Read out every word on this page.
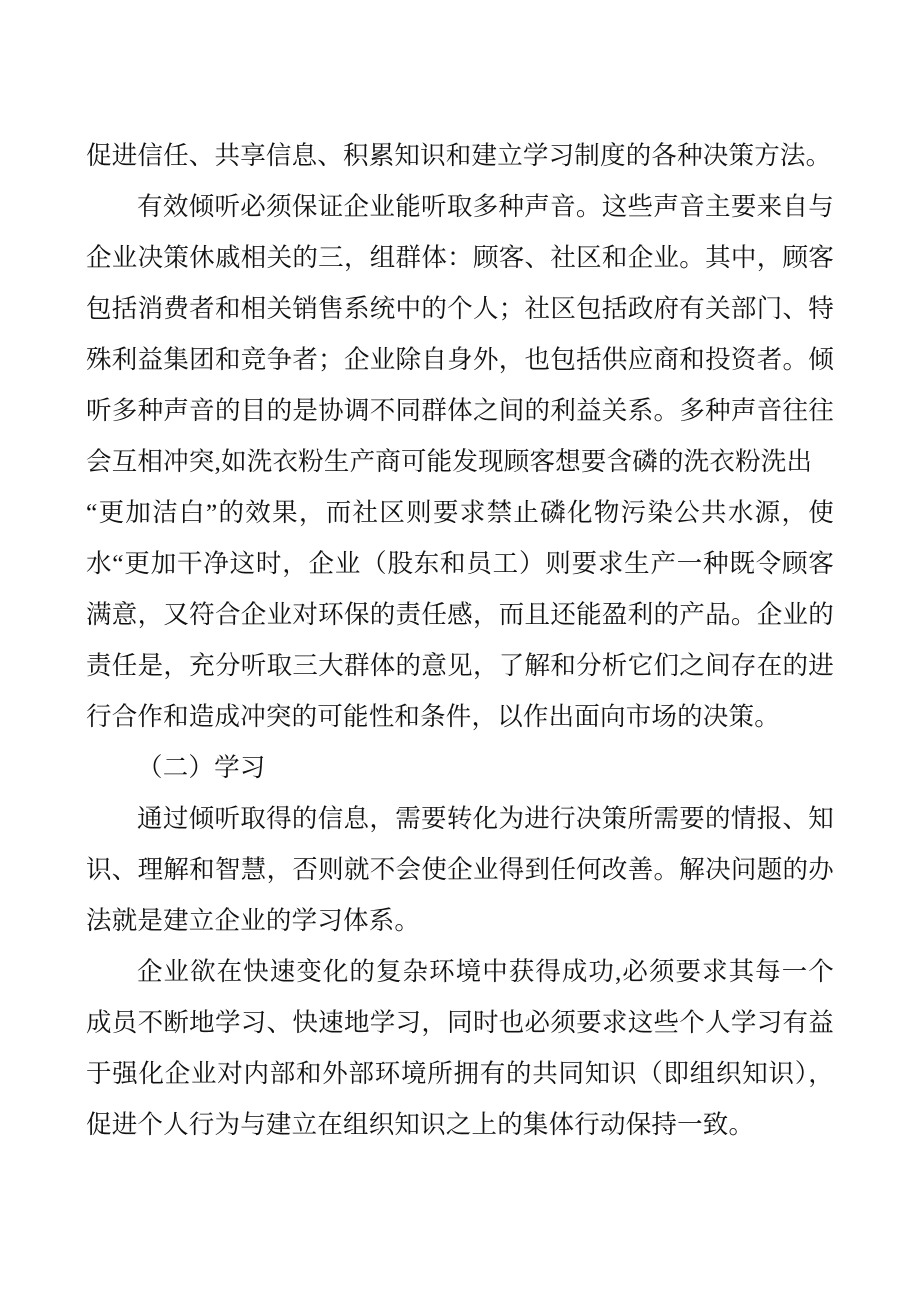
促进信任、共享信息、积累知识和建立学习制度的各种决策方法。

有效倾听必须保证企业能听取多种声音。这些声音主要来自与企业决策休戚相关的三，组群体：顾客、社区和企业。其中，顾客包括消费者和相关销售系统中的个人；社区包括政府有关部门、特殊利益集团和竞争者；企业除自身外，也包括供应商和投资者。倾听多种声音的目的是协调不同群体之间的利益关系。多种声音往往会互相冲突,如洗衣粉生产商可能发现顾客想要含磷的洗衣粉洗出

“更加洁白”的效果，而社区则要求禁止磷化物污染公共水源，使水“更加干净这时，企业（股东和员工）则要求生产一种既令顾客满意，又符合企业对环保的责任感，而且还能盈利的产品。企业的责任是，充分听取三大群体的意见，了解和分析它们之间存在的进行合作和造成冲突的可能性和条件，以作出面向市场的决策。

（二）学习

通过倾听取得的信息，需要转化为进行决策所需要的情报、知识、理解和智慧，否则就不会使企业得到任何改善。解决问题的办法就是建立企业的学习体系。

企业欲在快速变化的复杂环境中获得成功,必须要求其每一个成员不断地学习、快速地学习，同时也必须要求这些个人学习有益于强化企业对内部和外部环境所拥有的共同知识（即组织知识），促进个人行为与建立在组织知识之上的集体行动保持一致。
